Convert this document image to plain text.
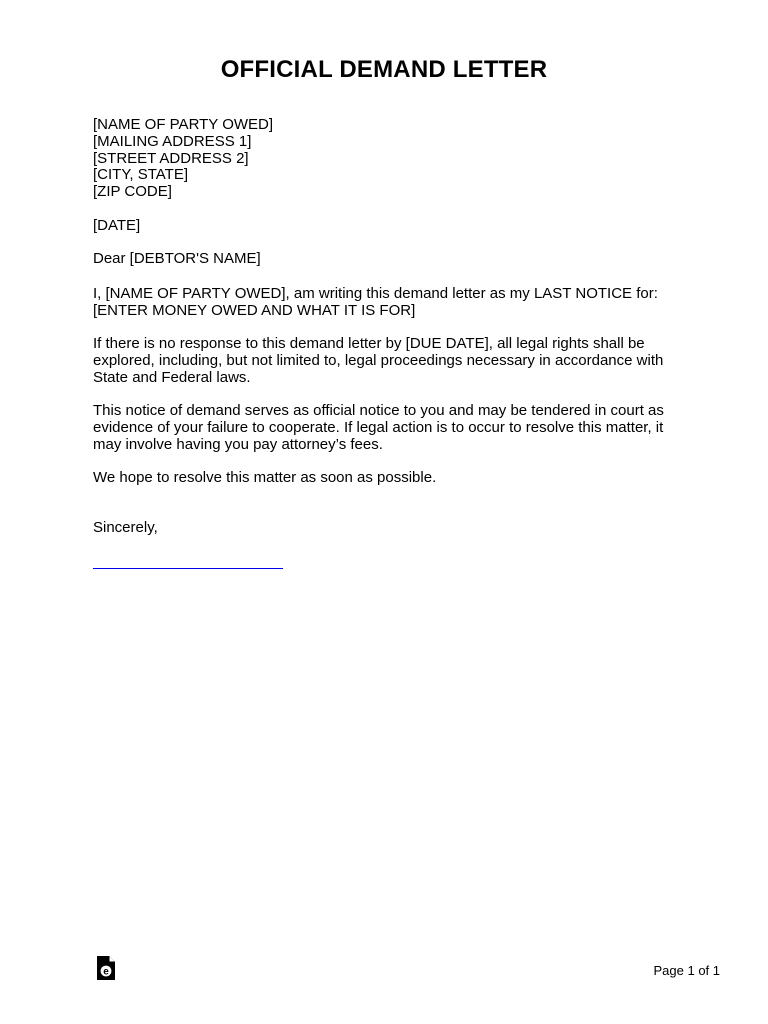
OFFICIAL DEMAND LETTER
[NAME OF PARTY OWED]
[MAILING ADDRESS 1]
[STREET ADDRESS 2]
[CITY, STATE]
[ZIP CODE]
[DATE]
Dear [DEBTOR'S NAME]
I, [NAME OF PARTY OWED], am writing this demand letter as my LAST NOTICE for: [ENTER MONEY OWED AND WHAT IT IS FOR]
If there is no response to this demand letter by [DUE DATE], all legal rights shall be explored, including, but not limited to, legal proceedings necessary in accordance with State and Federal laws.
This notice of demand serves as official notice to you and may be tendered in court as evidence of your failure to cooperate. If legal action is to occur to resolve this matter, it may involve having you pay attorney’s fees.
We hope to resolve this matter as soon as possible.
Sincerely,
e	Page 1 of 1
